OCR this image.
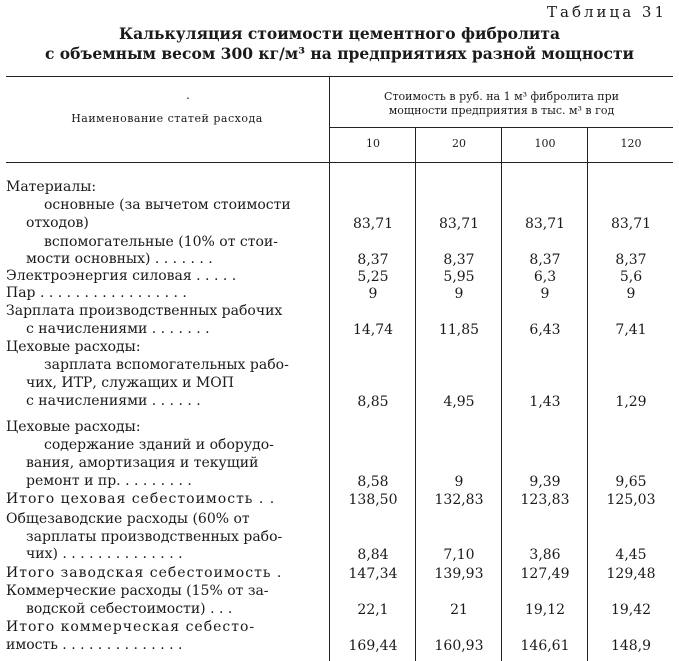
Таблица 31
Калькуляция стоимости цементного фибролита
с объемным весом 300 кг/м³ на предприятиях разной мощности
.
Наименование статей расхода
Стоимость в руб. на 1 м³ фибролита при
мощности предприятия в тыс. м³ в год
10	20	100	120
Материалы:
основные (за вычетом стоимости
отходов)	83,71	83,71	83,71	83,71
вспомогательные (10% от стои-
мости основных) . . . . . . .	8,37	8,37	8,37	8,37
Электроэнергия силовая . . . . .	5,25	5,95	6,3	5,6
Пар . . . . . . . . . . . . . . . . .	9	9	9	9
Зарплата производственных рабочих
с начислениями . . . . . . .	14,74	11,85	6,43	7,41
Цеховые расходы:
зарплата вспомогательных рабо-
чих, ИТР, служащих и МОП
с начислениями . . . . . .	8,85	4,95	1,43	1,29
Цеховые расходы:
содержание зданий и оборудо-
вания, амортизация и текущий
ремонт и пр. . . . . . . . .	8,58	9	9,39	9,65
Итого цеховая себестоимость . .	138,50	132,83	123,83	125,03
Общезаводские расходы (60% от
зарплаты производственных рабо-
чих) . . . . . . . . . . . . . .	8,84	7,10	3,86	4,45
Итого заводская себестоимость .	147,34	139,93	127,49	129,48
Коммерческие расходы (15% от за-
водской себестоимости) . . .	22,1	21	19,12	19,42
Итого коммерческая себесто-
имость . . . . . . . . . . . . . .	169,44	160,93	146,61	148,9
